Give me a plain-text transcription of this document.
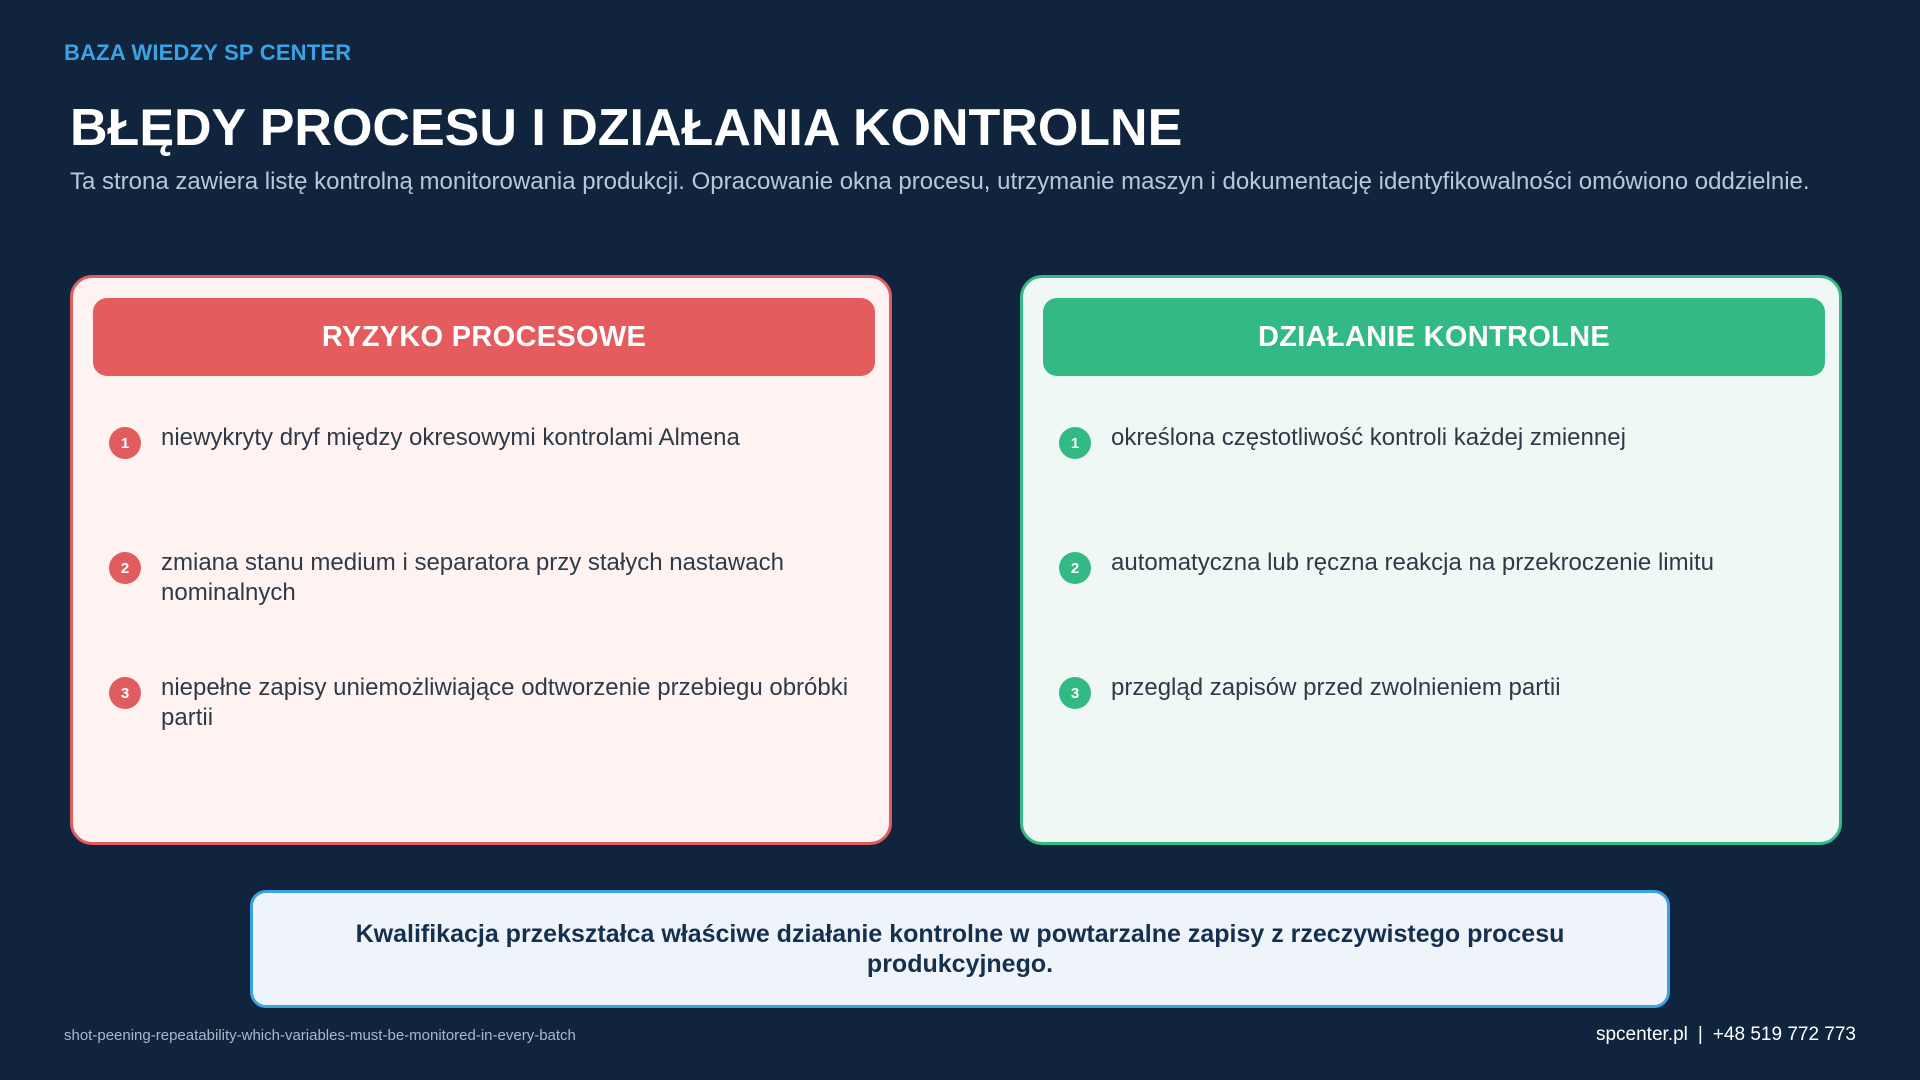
BAZA WIEDZY SP CENTER
BŁĘDY PROCESU I DZIAŁANIA KONTROLNE
Ta strona zawiera listę kontrolną monitorowania produkcji. Opracowanie okna procesu, utrzymanie maszyn i dokumentację identyfikowalności omówiono oddzielnie.
RYZYKO PROCESOWE
1	niewykryty dryf między okresowymi kontrolami Almena
2	zmiana stanu medium i separatora przy stałych nastawach nominalnych
3	niepełne zapisy uniemożliwiające odtworzenie przebiegu obróbki partii
DZIAŁANIE KONTROLNE
1	określona częstotliwość kontroli każdej zmiennej
2	automatyczna lub ręczna reakcja na przekroczenie limitu
3	przegląd zapisów przed zwolnieniem partii
Kwalifikacja przekształca właściwe działanie kontrolne w powtarzalne zapisy z rzeczywistego procesu produkcyjnego.
shot-peening-repeatability-which-variables-must-be-monitored-in-every-batch	spcenter.pl | +48 519 772 773
